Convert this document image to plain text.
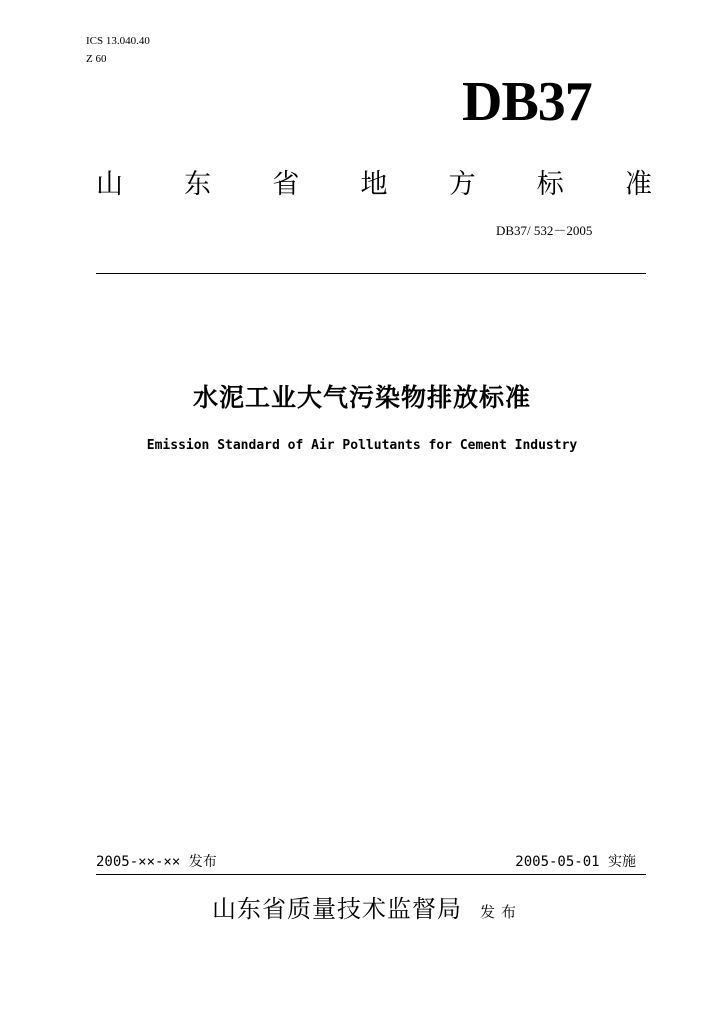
ICS 13.040.40
Z 60
DB37
山 东 省 地 方 标 准
DB37/ 532－2005
水泥工业大气污染物排放标准
Emission Standard of Air Pollutants for Cement Industry
2005-××-×× 发布	2005-05-01 实施
山东省质量技术监督局 发布
